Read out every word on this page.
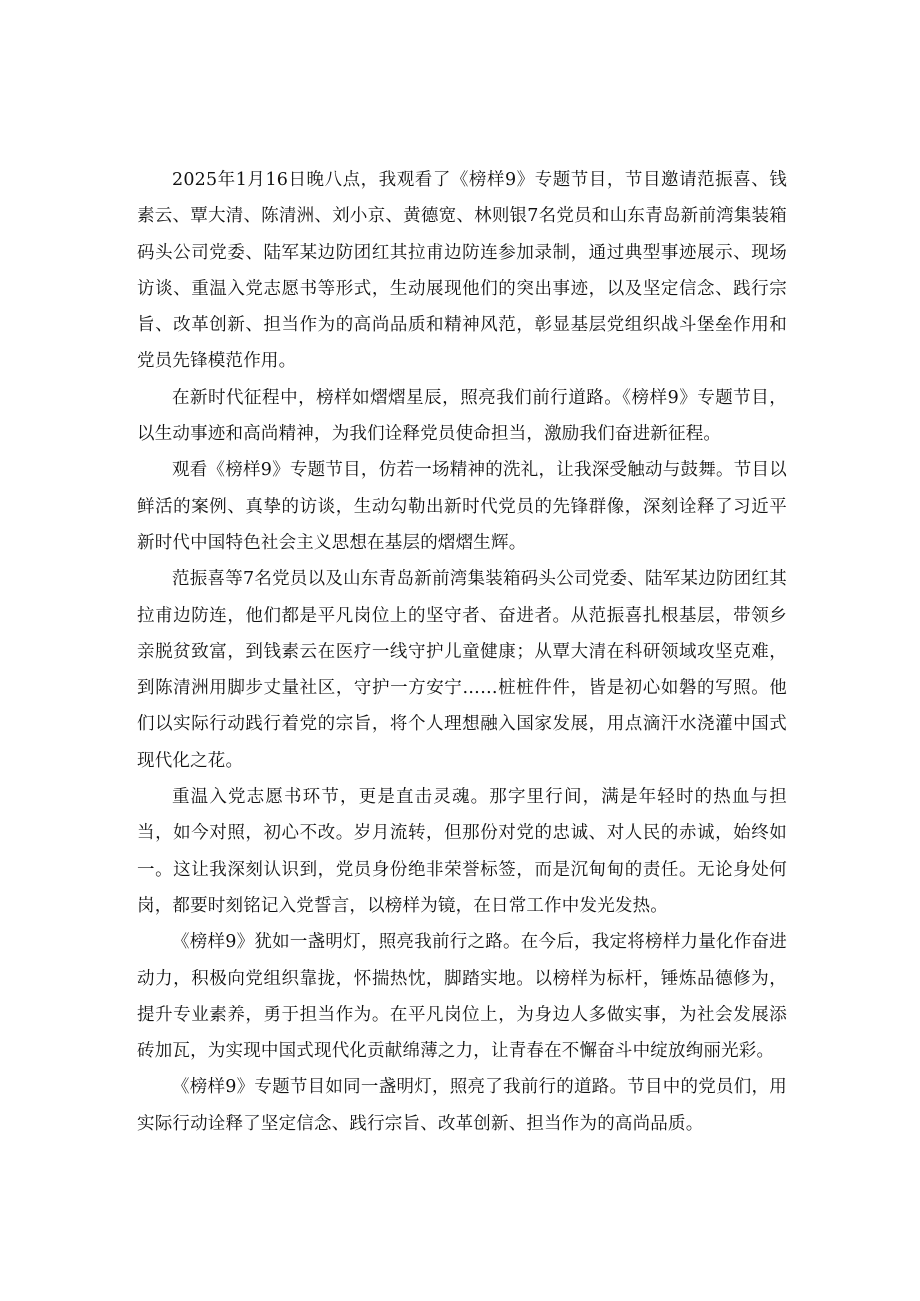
2025年1月16日晚八点，我观看了《榜样9》专题节目，节目邀请范振喜、钱素云、覃大清、陈清洲、刘小京、黄德宽、林则银7名党员和山东青岛新前湾集装箱码头公司党委、陆军某边防团红其拉甫边防连参加录制，通过典型事迹展示、现场访谈、重温入党志愿书等形式，生动展现他们的突出事迹，以及坚定信念、践行宗旨、改革创新、担当作为的高尚品质和精神风范，彰显基层党组织战斗堡垒作用和党员先锋模范作用。

在新时代征程中，榜样如熠熠星辰，照亮我们前行道路。《榜样9》专题节目，以生动事迹和高尚精神，为我们诠释党员使命担当，激励我们奋进新征程。

观看《榜样9》专题节目，仿若一场精神的洗礼，让我深受触动与鼓舞。节目以鲜活的案例、真挚的访谈，生动勾勒出新时代党员的先锋群像，深刻诠释了习近平新时代中国特色社会主义思想在基层的熠熠生辉。

范振喜等7名党员以及山东青岛新前湾集装箱码头公司党委、陆军某边防团红其拉甫边防连，他们都是平凡岗位上的坚守者、奋进者。从范振喜扎根基层，带领乡亲脱贫致富，到钱素云在医疗一线守护儿童健康；从覃大清在科研领域攻坚克难，到陈清洲用脚步丈量社区，守护一方安宁……桩桩件件，皆是初心如磐的写照。他们以实际行动践行着党的宗旨，将个人理想融入国家发展，用点滴汗水浇灌中国式现代化之花。

重温入党志愿书环节，更是直击灵魂。那字里行间，满是年轻时的热血与担当，如今对照，初心不改。岁月流转，但那份对党的忠诚、对人民的赤诚，始终如一。这让我深刻认识到，党员身份绝非荣誉标签，而是沉甸甸的责任。无论身处何岗，都要时刻铭记入党誓言，以榜样为镜，在日常工作中发光发热。

《榜样9》犹如一盏明灯，照亮我前行之路。在今后，我定将榜样力量化作奋进动力，积极向党组织靠拢，怀揣热忱，脚踏实地。以榜样为标杆，锤炼品德修为，提升专业素养，勇于担当作为。在平凡岗位上，为身边人多做实事，为社会发展添砖加瓦，为实现中国式现代化贡献绵薄之力，让青春在不懈奋斗中绽放绚丽光彩。

《榜样9》专题节目如同一盏明灯，照亮了我前行的道路。节目中的党员们，用实际行动诠释了坚定信念、践行宗旨、改革创新、担当作为的高尚品质。
